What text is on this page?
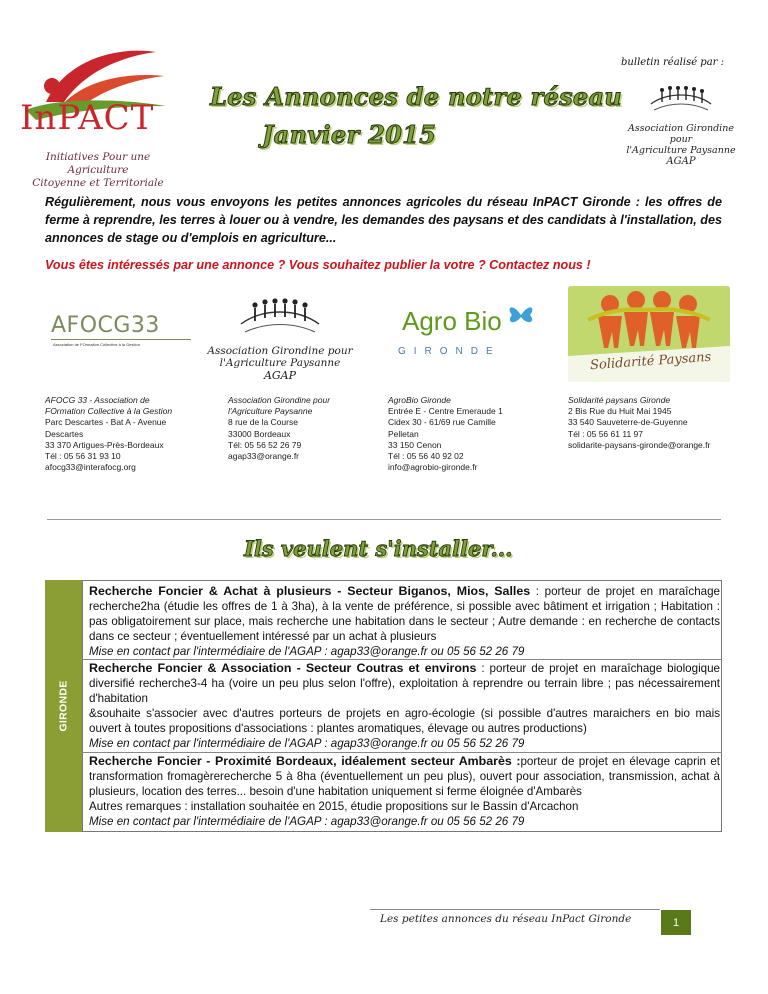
InPACT
Initiatives Pour une Agriculture
Citoyenne et Territoriale
bulletin réalisé par :
Les Annonces de notre réseau
Janvier 2015	Association Girondine pour
l'Agriculture Paysanne
AGAP
Régulièrement, nous vous envoyons les petites annonces agricoles du réseau InPACT Gironde : les offres de ferme à reprendre, les terres à louer ou à vendre, les demandes des paysans et des candidats à l'installation, des annonces de stage ou d'emplois en agriculture...
Vous êtes intéressés par une annonce ? Vous souhaitez publier la votre ? Contactez nous !
AFOCG33
Association de FOrmation Collective à la Gestion
Association Girondine pour
l'Agriculture Paysanne
AGAP
Agro Bio
GIRONDE	Solidarité Paysans
AFOCG 33 - Association de
FOrmation Collective à la Gestion
Parc Descartes - Bat A - Avenue
Descartes
33 370 Artigues-Près-Bordeaux
Tél : 05 56 31 93 10
afocg33@interafocg.org
Association Girondine pour
l'Agriculture Paysanne
8 rue de la Course
33000 Bordeaux
Tél: 05 56 52 26 79
agap33@orange.fr
AgroBio Gironde
Entrée E - Centre Emeraude 1
Cidex 30 - 61/69 rue Camille
Pelletan
33 150 Cenon
Tél : 05 56 40 92 02
info@agrobio-gironde.fr
Solidarité paysans Gironde
2 Bis Rue du Huit Mai 1945
33 540 Sauveterre-de-Guyenne
Tél : 05 56 61 11 97
solidarite-paysans-gironde@orange.fr
Ils veulent s'installer...
GIRONDE
Recherche Foncier & Achat à plusieurs - Secteur Biganos, Mios, Salles : porteur de projet en maraîchage recherche2ha (étudie les offres de 1 à 3ha), à la vente de préférence, si possible avec bâtiment et irrigation ; Habitation : pas obligatoirement sur place, mais recherche une habitation dans le secteur ; Autre demande : en recherche de contacts dans ce secteur ; éventuellement intéressé par un achat à plusieurs
Mise en contact par l'intermédiaire de l'AGAP : agap33@orange.fr ou 05 56 52 26 79
Recherche Foncier & Association - Secteur Coutras et environs : porteur de projet en maraîchage biologique diversifié recherche3-4 ha (voire un peu plus selon l'offre), exploitation à reprendre ou terrain libre ; pas nécessairement d'habitation
&souhaite s'associer avec d'autres porteurs de projets en agro-écologie (si possible d'autres maraichers en bio mais ouvert à toutes propositions d'associations : plantes aromatiques, élevage ou autres productions)
Mise en contact par l'intermédiaire de l'AGAP : agap33@orange.fr ou 05 56 52 26 79
Recherche Foncier - Proximité Bordeaux, idéalement secteur Ambarès :porteur de projet en élevage caprin et transformation fromagèrerecherche 5 à 8ha (éventuellement un peu plus), ouvert pour association, transmission, achat à plusieurs, location des terres... besoin d'une habitation uniquement si ferme éloignée d'Ambarès
Autres remarques : installation souhaitée en 2015, étudie propositions sur le Bassin d'Arcachon
Mise en contact par l'intermédiaire de l'AGAP : agap33@orange.fr ou 05 56 52 26 79
Les petites annonces du réseau InPact Gironde	1
